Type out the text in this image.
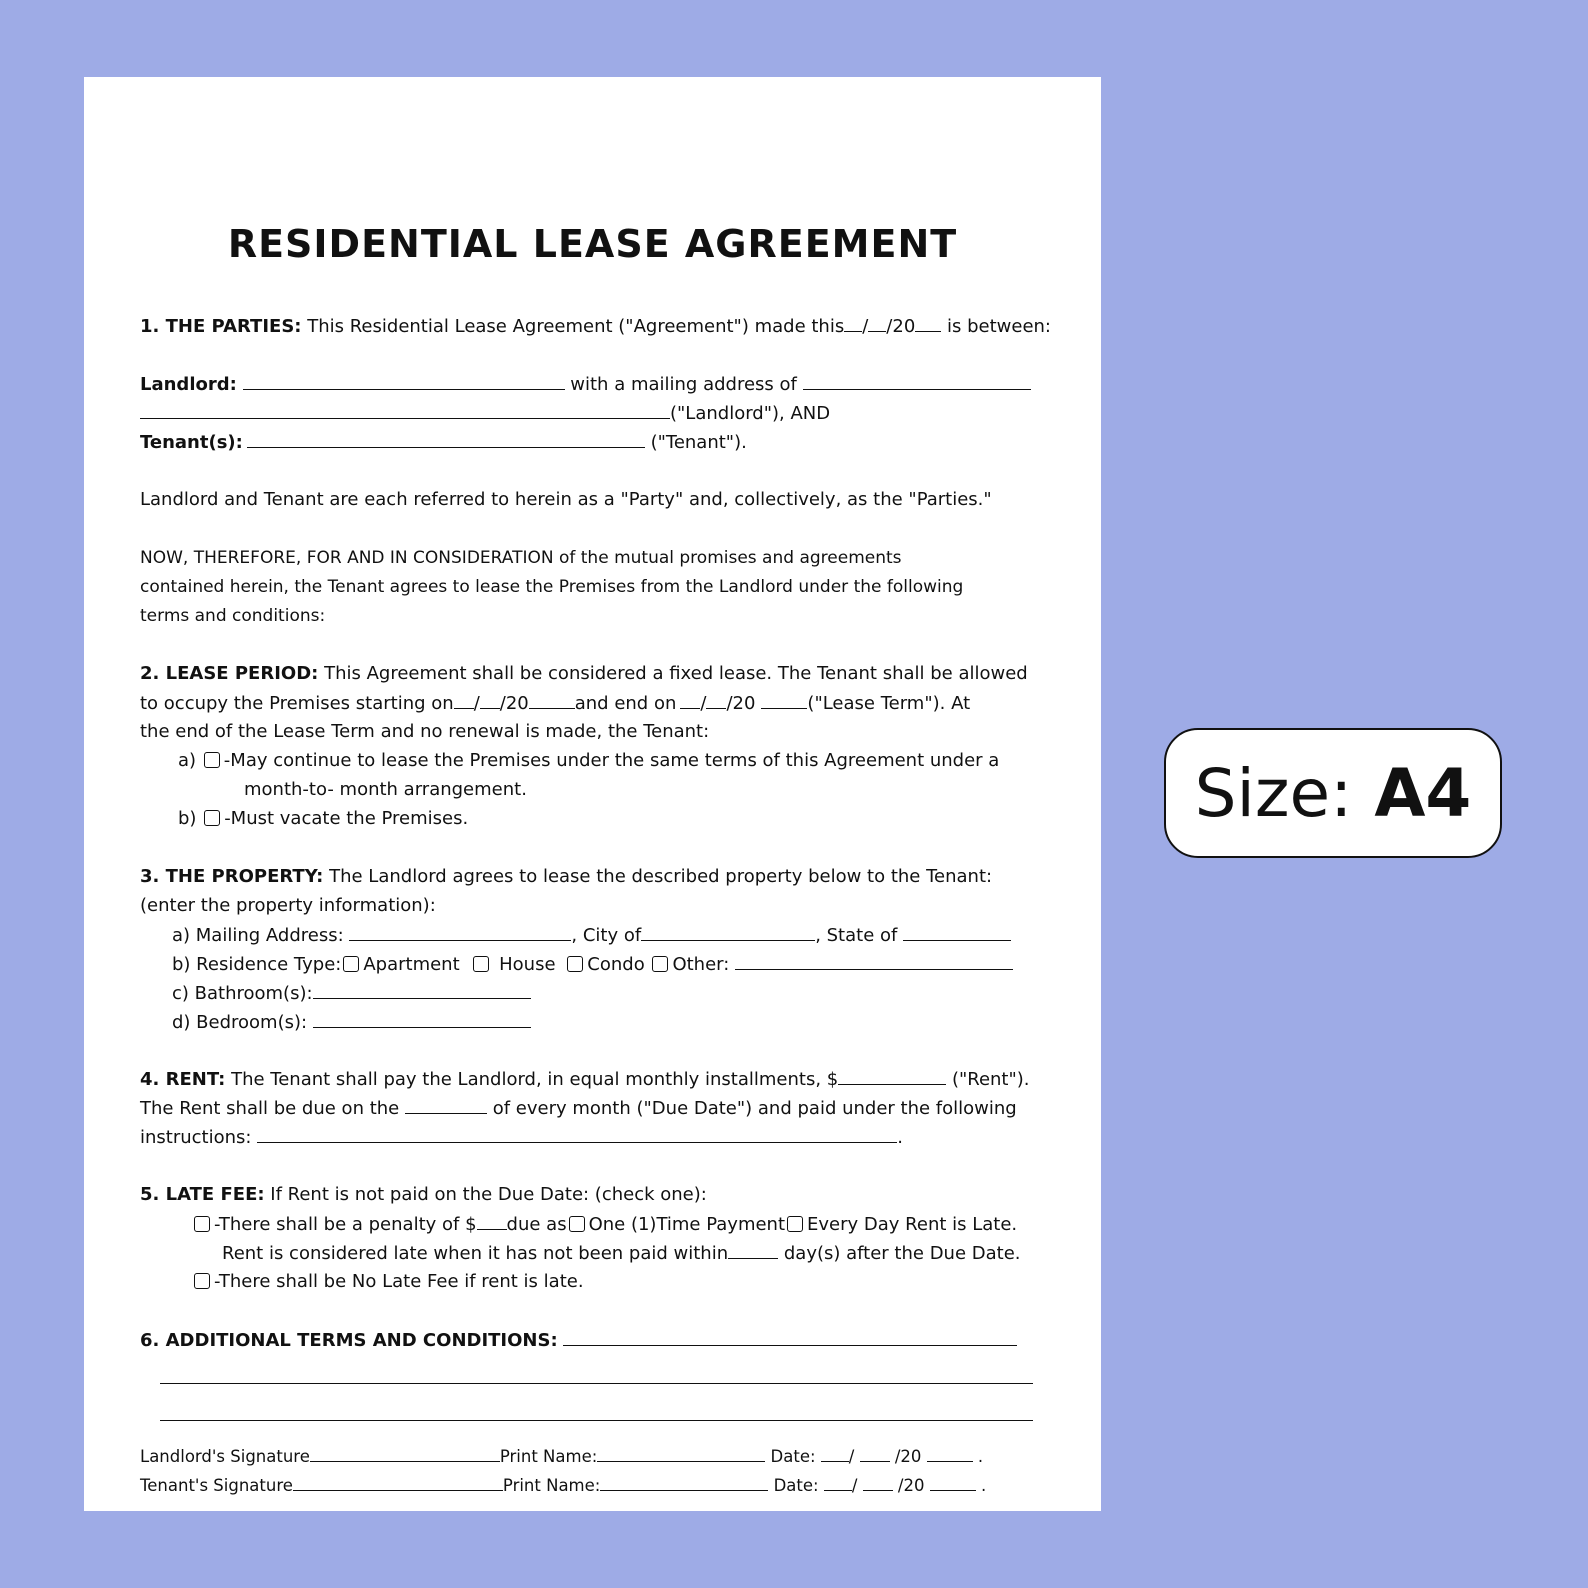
RESIDENTIAL LEASE AGREEMENT
1. THE PARTIES: This Residential Lease Agreement ("Agreement") made this / /20 is between:
Landlord:	with a mailing address of
("Landlord"), AND
Tenant(s):	("Tenant").
Landlord and Tenant are each referred to herein as a "Party" and, collectively, as the "Parties."
NOW, THEREFORE, FOR AND IN CONSIDERATION of the mutual promises and agreements
contained herein, the Tenant agrees to lease the Premises from the Landlord under the following
terms and conditions:
2. LEASE PERIOD: This Agreement shall be considered a fixed lease. The Tenant shall be allowed
to occupy the Premises starting on / /20	and end on / /20	("Lease Term"). At
the end of the Lease Term and no renewal is made, the Tenant:
a) -May continue to lease the Premises under the same terms of this Agreement under a
month-to- month arrangement.
b) -Must vacate the Premises.
3. THE PROPERTY: The Landlord agrees to lease the described property below to the Tenant:
(enter the property information):
a) Mailing Address:	, City of	, State of
b) Residence Type: Apartment House Condo Other:
c) Bathroom(s):
d) Bedroom(s):
4. RENT: The Tenant shall pay the Landlord, in equal monthly installments, $	("Rent").
The Rent shall be due on the	of every month ("Due Date") and paid under the following
instructions:	.
5. LATE FEE: If Rent is not paid on the Due Date: (check one):
-There shall be a penalty of $ due as One (1)Time Payment Every Day Rent is Late.
Rent is considered late when it has not been paid within	day(s) after the Due Date.
-There shall be No Late Fee if rent is late.
6. ADDITIONAL TERMS AND CONDITIONS:
Landlord's Signature	Print Name:	Date: / /20	.
Tenant's Signature	Print Name:	Date: / /20	.
Size: A4
